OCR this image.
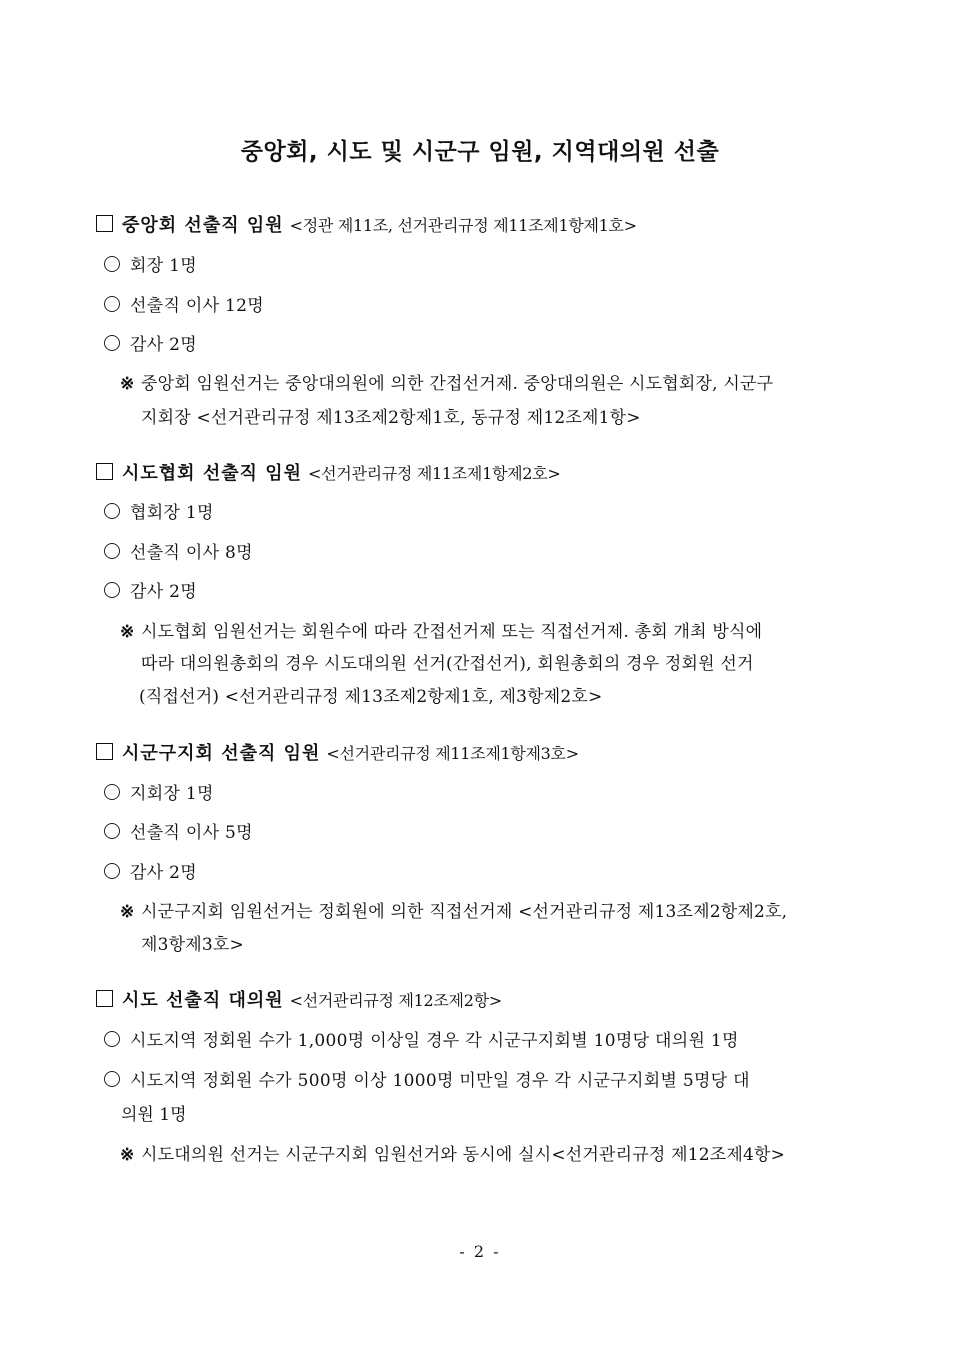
중앙회, 시도 및 시군구 임원, 지역대의원 선출
중앙회 선출직 임원 <정관 제11조, 선거관리규정 제11조제1항제1호>
회장 1명
선출직 이사 12명
감사 2명
※ 중앙회 임원선거는 중앙대의원에 의한 간접선거제. 중앙대의원은 시도협회장, 시군구
지회장 <선거관리규정 제13조제2항제1호, 동규정 제12조제1항>
시도협회 선출직 임원 <선거관리규정 제11조제1항제2호>
협회장 1명
선출직 이사 8명
감사 2명
※ 시도협회 임원선거는 회원수에 따라 간접선거제 또는 직접선거제. 총회 개최 방식에
따라 대의원총회의 경우 시도대의원 선거(간접선거), 회원총회의 경우 정회원 선거
(직접선거) <선거관리규정 제13조제2항제1호, 제3항제2호>
시군구지회 선출직 임원 <선거관리규정 제11조제1항제3호>
지회장 1명
선출직 이사 5명
감사 2명
※ 시군구지회 임원선거는 정회원에 의한 직접선거제 <선거관리규정 제13조제2항제2호,
제3항제3호>
시도 선출직 대의원 <선거관리규정 제12조제2항>
시도지역 정회원 수가 1,000명 이상일 경우 각 시군구지회별 10명당 대의원 1명
시도지역 정회원 수가 500명 이상 1000명 미만일 경우 각 시군구지회별 5명당 대
의원 1명
※ 시도대의원 선거는 시군구지회 임원선거와 동시에 실시<선거관리규정 제12조제4항>
- 2 -
